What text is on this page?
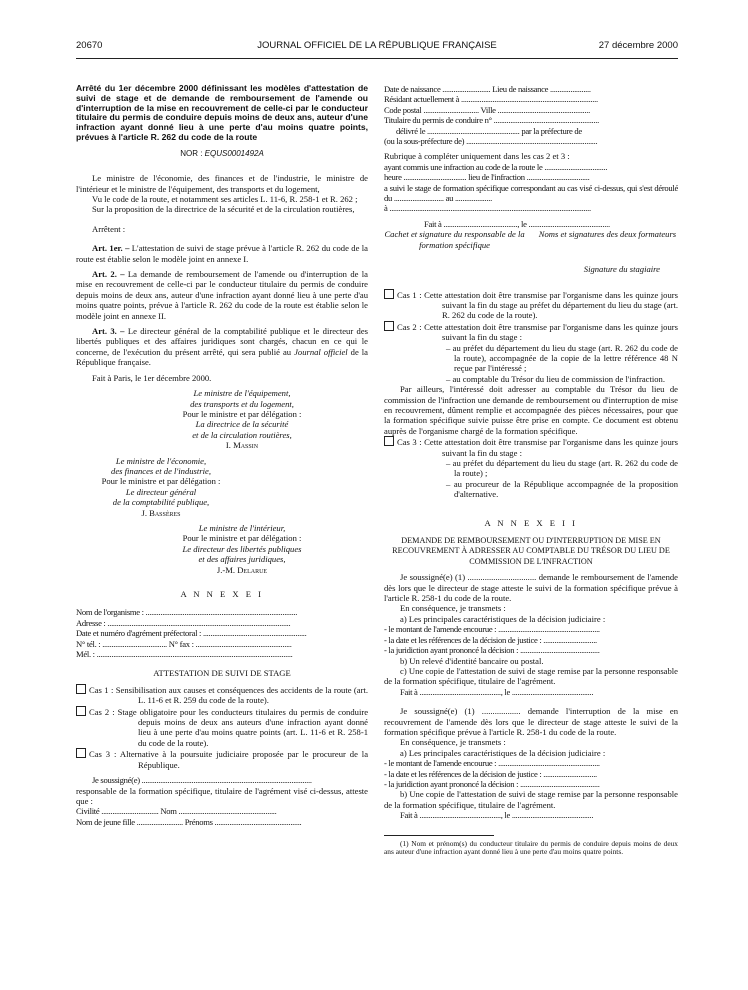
20670	JOURNAL OFFICIEL DE LA RÉPUBLIQUE FRANÇAISE	27 décembre 2000

Arrêté du 1er décembre 2000 définissant les modèles d'attestation de suivi de stage et de demande de remboursement de l'amende ou d'interruption de la mise en recouvrement de celle-ci par le conducteur titulaire du permis de conduire depuis moins de deux ans, auteur d'une infraction ayant donné lieu à une perte d'au moins quatre points, prévues à l'article R. 262 du code de la route

NOR : EQUS0001492A

Le ministre de l'économie, des finances et de l'industrie, le ministre de l'intérieur et le ministre de l'équipement, des transports et du logement,

Vu le code de la route, et notamment ses articles L. 11-6, R. 258-1 et R. 262 ;

Sur la proposition de la directrice de la sécurité et de la circulation routières,

Arrêtent :

Art. 1er. – L'attestation de suivi de stage prévue à l'article R. 262 du code de la route est établie selon le modèle joint en annexe I.

Art. 2. – La demande de remboursement de l'amende ou d'interruption de la mise en recouvrement de celle-ci par le conducteur titulaire du permis de conduire depuis moins de deux ans, auteur d'une infraction ayant donné lieu à une perte d'au moins quatre points, prévue à l'article R. 262 du code de la route est établie selon le modèle joint en annexe II.

Art. 3. – Le directeur général de la comptabilité publique et le directeur des libertés publiques et des affaires juridiques sont chargés, chacun en ce qui le concerne, de l'exécution du présent arrêté, qui sera publié au Journal officiel de la République française.

Fait à Paris, le 1er décembre 2000.

Le ministre de l'équipement,

des transports et du logement,

Pour le ministre et par délégation :

La directrice de la sécurité

et de la circulation routières,

I. Massin

Le ministre de l'économie,

des finances et de l'industrie,

Pour le ministre et par délégation :

Le directeur général

de la comptabilité publique,

J. Bassères

Le ministre de l'intérieur,

Pour le ministre et par délégation :

Le directeur des libertés publiques

et des affaires juridiques,

J.-M. Delarue

A N N E X E I

Nom de l'organisme : ..................................................................................

Adresse : ...................................................................................................

Date et numéro d'agrément préfectoral : ........................................................

N° tél. : ................................... N° fax : ....................................................

Mél. : ..........................................................................................................

ATTESTATION DE SUIVI DE STAGE

Cas 1 : Sensibilisation aux causes et conséquences des accidents de la route (art. L. 11-6 et R. 259 du code de la route).

Cas 2 : Stage obligatoire pour les conducteurs titulaires du permis de conduire depuis moins de deux ans auteurs d'une infraction ayant donné lieu à une perte d'au moins quatre points (art. L. 11-6 et R. 258-1 du code de la route).

Cas 3 : Alternative à la poursuite judiciaire proposée par le procureur de la République.

Je soussigné(e) ............................................................................................

responsable de la formation spécifique, titulaire de l'agrément visé ci-dessus, atteste que :

Civilité ............................... Nom .....................................................

Nom de jeune fille ......................... Prénoms ...............................................

Date de naissance .......................... Lieu de naissance ......................

Résidant actuellement à ..........................................................................

Code postal .............................. Ville ..................................................

Titulaire du permis de conduire n° .........................................................

délivré le .................................................. par la préfecture de

(ou la sous-préfecture de) .......................................................................

Rubrique à compléter uniquement dans les cas 2 et 3 :

ayant commis une infraction au code de la route le ..................................

heure .................................. lieu de l'infraction ..................................

a suivi le stage de formation spécifique correspondant au cas visé ci-dessus, qui s'est déroulé du ........................... au ....................

à .............................................................................................................

Fait à ........................................, le ............................................

Cachet et signature du responsable de la formation spécifique
Noms et signatures des deux formateurs

Signature du stagiaire

Cas 1 : Cette attestation doit être transmise par l'organisme dans les quinze jours suivant la fin du stage au préfet du département du lieu du stage (art. R. 262 du code de la route).

Cas 2 : Cette attestation doit être transmise par l'organisme dans les quinze jours suivant la fin du stage :

– au préfet du département du lieu du stage (art. R. 262 du code de la route), accompagnée de la copie de la lettre référence 48 N reçue par l'intéressé ;

– au comptable du Trésor du lieu de commission de l'infraction.

Par ailleurs, l'intéressé doit adresser au comptable du Trésor du lieu de commission de l'infraction une demande de remboursement ou d'interruption de mise en recouvrement, dûment remplie et accompagnée des pièces nécessaires, pour que la formation spécifique suivie puisse être prise en compte. Ce document est obtenu auprès de l'organisme chargé de la formation spécifique.

Cas 3 : Cette attestation doit être transmise par l'organisme dans les quinze jours suivant la fin du stage :

– au préfet du département du lieu du stage (art. R. 262 du code de la route) ;

– au procureur de la République accompagnée de la proposition d'alternative.

A N N E X E I I

DEMANDE DE REMBOURSEMENT OU D'INTERRUPTION DE MISE EN RECOUVREMENT À ADRESSER AU COMPTABLE DU TRÉSOR DU LIEU DE COMMISSION DE L'INFRACTION

Je soussigné(e) (1) ................................ demande le remboursement de l'amende dès lors que le directeur de stage atteste le suivi de la formation spécifique prévue à l'article R. 258-1 du code de la route.

En conséquence, je transmets :

a) Les principales caractéristiques de la décision judiciaire :

- le montant de l'amende encourue : .......................................................

- la date et les références de la décision de justice : .............................

- la juridiction ayant prononcé la décision : ...........................................

b) Un relevé d'identité bancaire ou postal.

c) Une copie de l'attestation de suivi de stage remise par la personne responsable de la formation spécifique, titulaire de l'agrément.

Fait à ............................................, le ............................................

Je soussigné(e) (1) .................. demande l'interruption de la mise en recouvrement de l'amende dès lors que le directeur de stage atteste le suivi de la formation spécifique prévue à l'article R. 258-1 du code de la route.

En conséquence, je transmets :

a) Les principales caractéristiques de la décision judiciaire :

- le montant de l'amende encourue : .......................................................

- la date et les références de la décision de justice : .............................

- la juridiction ayant prononcé la décision : ...........................................

b) Une copie de l'attestation de suivi de stage remise par la personne responsable de la formation spécifique, titulaire de l'agrément.

Fait à ............................................, le ............................................

(1) Nom et prénom(s) du conducteur titulaire du permis de conduire depuis moins de deux ans auteur d'une infraction ayant donné lieu à une perte d'au moins quatre points.
